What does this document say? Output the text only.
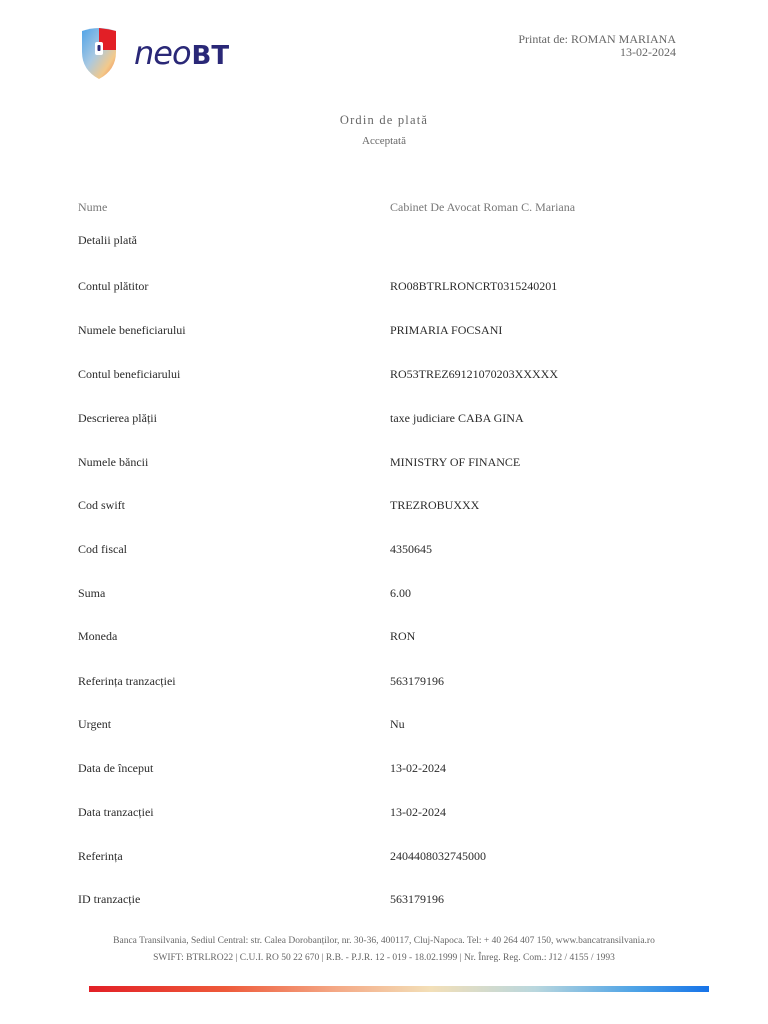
neo BT
Printat de: ROMAN MARIANA
13-02-2024
Ordin de plată
Acceptată
Nume	Cabinet De Avocat Roman C. Mariana
Detalii plată
Contul plătitor	RO08BTRLRONCRT0315240201
Numele beneficiarului	PRIMARIA FOCSANI
Contul beneficiarului	RO53TREZ69121070203XXXXX
Descrierea plății	taxe judiciare CABA GINA
Numele băncii	MINISTRY OF FINANCE
Cod swift	TREZROBUXXX
Cod fiscal	4350645
Suma	6.00
Moneda	RON
Referința tranzacției	563179196
Urgent	Nu
Data de început	13-02-2024
Data tranzacției	13-02-2024
Referința	2404408032745000
ID tranzacție	563179196
Banca Transilvania, Sediul Central: str. Calea Dorobanților, nr. 30-36, 400117, Cluj-Napoca. Tel: + 40 264 407 150, www.bancatransilvania.ro
SWIFT: BTRLRO22 | C.U.I. RO 50 22 670 | R.B. - P.J.R. 12 - 019 - 18.02.1999 | Nr. Înreg. Reg. Com.: J12 / 4155 / 1993
